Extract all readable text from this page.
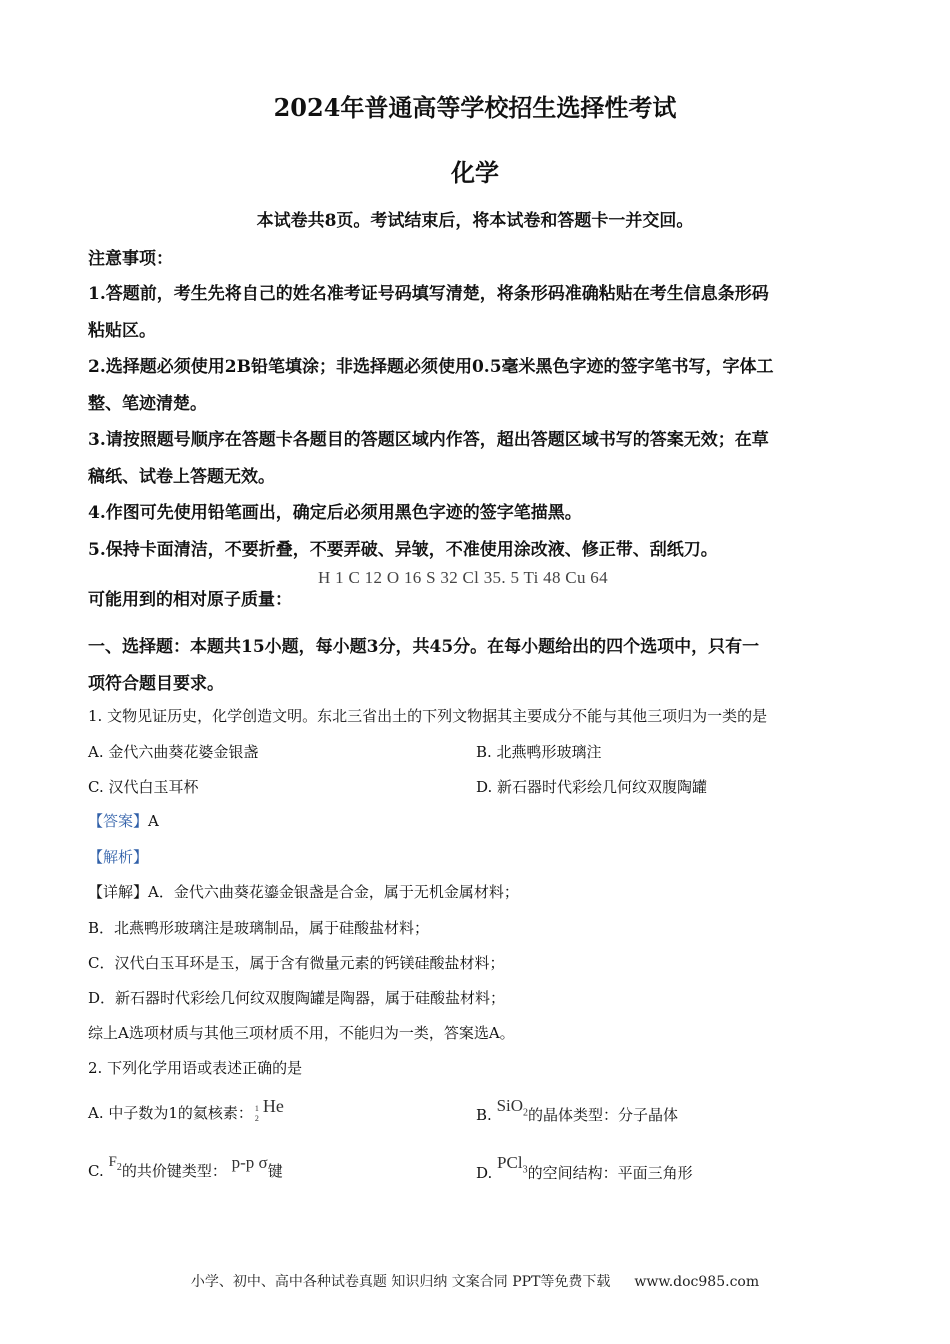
2024年普通高等学校招生选择性考试
化学
本试卷共8页。考试结束后，将本试卷和答题卡一并交回。
注意事项：
1.答题前，考生先将自己的姓名准考证号码填写清楚，将条形码准确粘贴在考生信息条形码
粘贴区。
2.选择题必须使用2B铅笔填涂；非选择题必须使用0.5毫米黑色字迹的签字笔书写，字体工
整、笔迹清楚。
3.请按照题号顺序在答题卡各题目的答题区域内作答，超出答题区域书写的答案无效；在草
稿纸、试卷上答题无效。
4.作图可先使用铅笔画出，确定后必须用黑色字迹的签字笔描黑。
5.保持卡面清洁，不要折叠，不要弄破、异皱，不准使用涂改液、修正带、刮纸刀。
H 1 C 12 O 16 S 32 Cl 35. 5 Ti 48 Cu 64
可能用到的相对原子质量：
一、选择题：本题共15小题，每小题3分，共45分。在每小题给出的四个选项中，只有一
项符合题目要求。
1. 文物见证历史，化学创造文明。东北三省出土的下列文物据其主要成分不能与其他三项归为一类的是
A. 金代六曲葵花婆金银盏	B. 北燕鸭形玻璃注
C. 汉代白玉耳杯	D. 新石器时代彩绘几何纹双腹陶罐
【答案】A
【解析】
【详解】A．金代六曲葵花鎏金银盏是合金，属于无机金属材料；
B．北燕鸭形玻璃注是玻璃制品，属于硅酸盐材料；
C．汉代白玉耳环是玉，属于含有微量元素的钙镁硅酸盐材料；
D．新石器时代彩绘几何纹双腹陶罐是陶器，属于硅酸盐材料；
综上A选项材质与其他三项材质不用，不能归为一类，答案选A。
2. 下列化学用语或表述正确的是
A. 中子数为1的氦核素： 1
2
He	B. SiO$_2$的晶体类型：分子晶体
C. $F_2$的共价键类型： p-p σ键	D. PCl$_3$的空间结构：平面三角形
小学、初中、高中各种试卷真题 知识归纳 文案合同 PPT等免费下载 www.doc985.com
